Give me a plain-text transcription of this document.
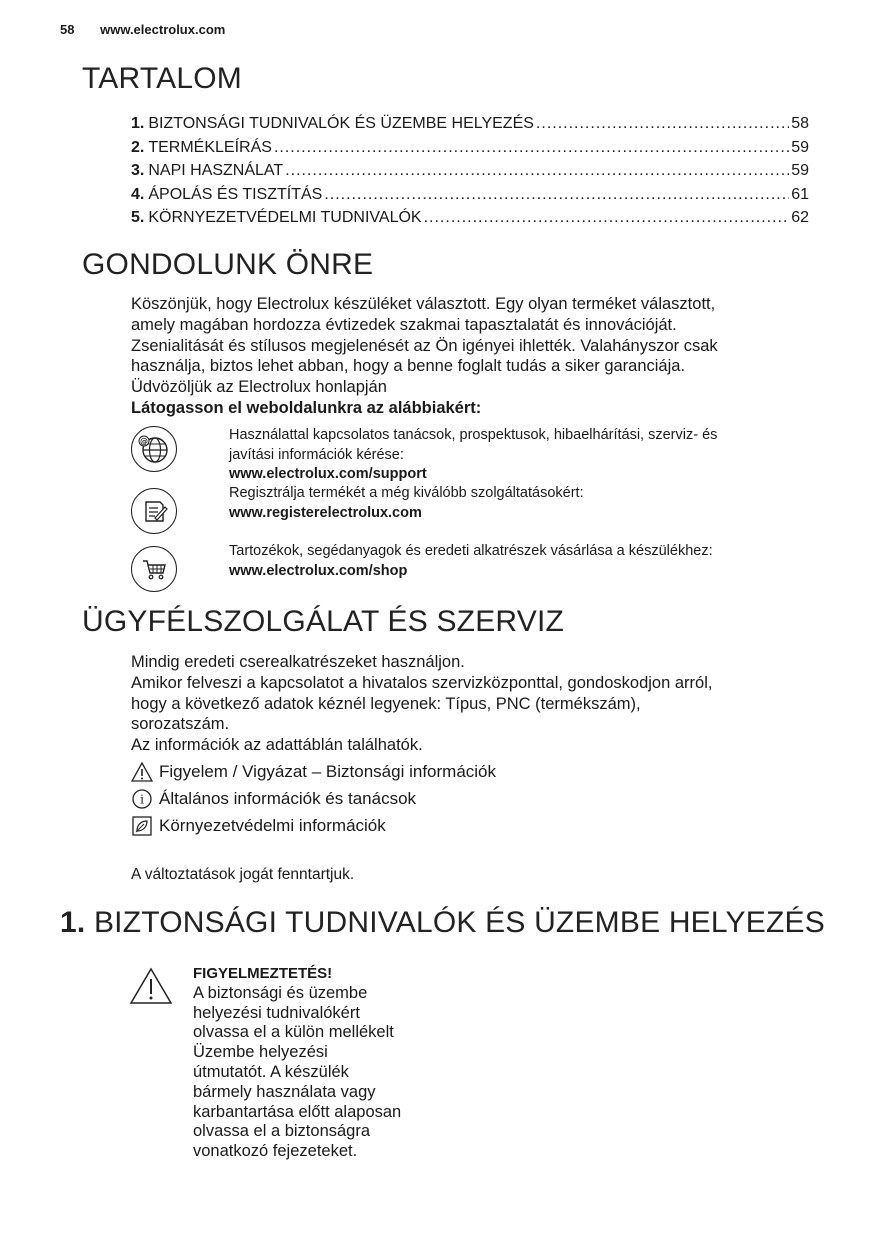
58 www.electrolux.com
TARTALOM
1. BIZTONSÁGI TUDNIVALÓK ÉS ÜZEMBE HELYEZÉS .....	58
2. TERMÉKLEÍRÁS .....	59
3. NAPI HASZNÁLAT .....	59
4. ÁPOLÁS ÉS TISZTÍTÁS .....	61
5. KÖRNYEZETVÉDELMI TUDNIVALÓK .....	62
GONDOLUNK ÖNRE
Köszönjük, hogy Electrolux készüléket választott. Egy olyan terméket választott,
amely magában hordozza évtizedek szakmai tapasztalatát és innovációját.
Zsenialitását és stílusos megjelenését az Ön igényei ihlették. Valahányszor csak
használja, biztos lehet abban, hogy a benne foglalt tudás a siker garanciája.
Üdvözöljük az Electrolux honlapján
Látogasson el weboldalunkra az alábbiakért:
@	Használattal kapcsolatos tanácsok, prospektusok, hibaelhárítási, szerviz- és
javítási információk kérése:
www.electrolux.com/support
Regisztrálja termékét a még kiválóbb szolgáltatásokért:
www.registerelectrolux.com
Tartozékok, segédanyagok és eredeti alkatrészek vásárlása a készülékhez:
www.electrolux.com/shop
ÜGYFÉLSZOLGÁLAT ÉS SZERVIZ
Mindig eredeti cserealkatrészeket használjon.
Amikor felveszi a kapcsolatot a hivatalos szervizközponttal, gondoskodjon arról,
hogy a következő adatok kéznél legyenek: Típus, PNC (termékszám),
sorozatszám.
Az információk az adattáblán találhatók.
Figyelem / Vigyázat – Biztonsági információk
i Általános információk és tanácsok
Környezetvédelmi információk
A változtatások jogát fenntartjuk.
1. BIZTONSÁGI TUDNIVALÓK ÉS ÜZEMBE HELYEZÉS
FIGYELMEZTETÉS!
A biztonsági és üzembe
helyezési tudnivalókért
olvassa el a külön mellékelt
Üzembe helyezési
útmutatót. A készülék
bármely használata vagy
karbantartása előtt alaposan
olvassa el a biztonságra
vonatkozó fejezeteket.
